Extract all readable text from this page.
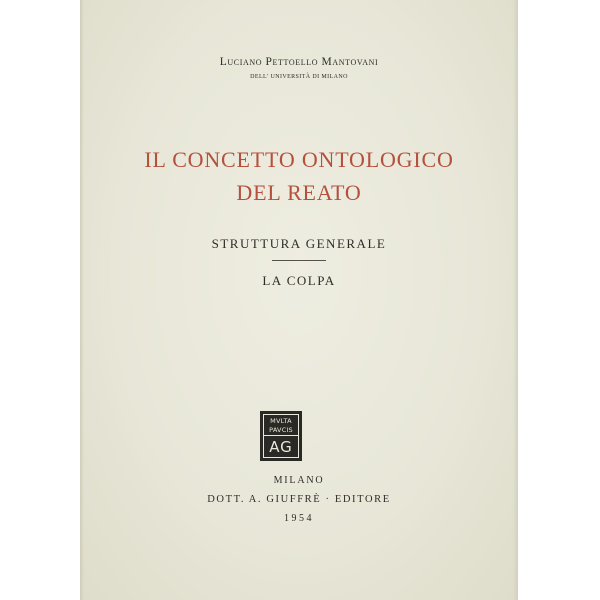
Luciano Pettoello Mantovani
DELL' UNIVERSITÀ DI MILANO
IL CONCETTO ONTOLOGICO
DEL REATO
STRUTTURA GENERALE
LA COLPA
MVLTA
PAVCIS
AG
MILANO
DOTT. A. GIUFFRÈ · EDITORE
1954
